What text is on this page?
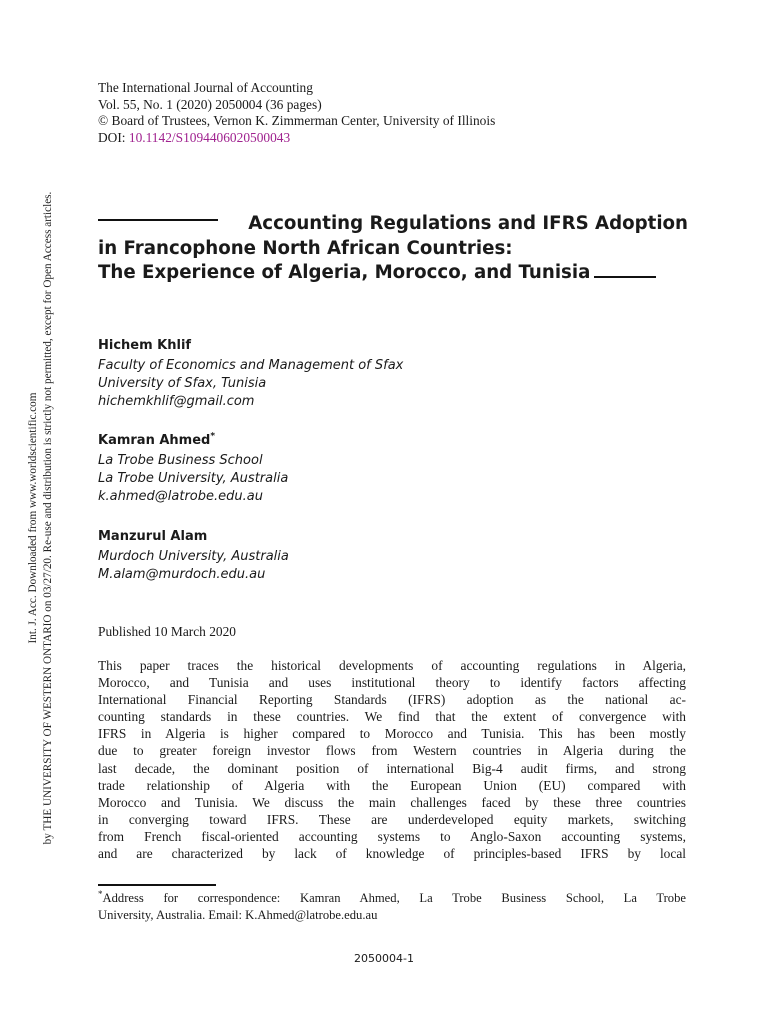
Int. J. Acc. Downloaded from www.worldscientific.com by THE UNIVERSITY OF WESTERN ONTARIO on 03/27/20. Re-use and distribution is strictly not permitted, except for Open Access articles.
The International Journal of Accounting
Vol. 55, No. 1 (2020) 2050004 (36 pages)
© Board of Trustees, Vernon K. Zimmerman Center, University of Illinois
DOI: 10.1142/S1094406020500043
Accounting Regulations and IFRS Adoption
in Francophone North African Countries:
The Experience of Algeria, Morocco, and Tunisia
Hichem Khlif
Faculty of Economics and Management of Sfax
University of Sfax, Tunisia
hichemkhlif@gmail.com
Kamran Ahmed*
La Trobe Business School
La Trobe University, Australia
k.ahmed@latrobe.edu.au
Manzurul Alam
Murdoch University, Australia
M.alam@murdoch.edu.au
Published 10 March 2020
This paper traces the historical developments of accounting regulations in Algeria,
Morocco, and Tunisia and uses institutional theory to identify factors affecting
International Financial Reporting Standards (IFRS) adoption as the national ac-
counting standards in these countries. We find that the extent of convergence with
IFRS in Algeria is higher compared to Morocco and Tunisia. This has been mostly
due to greater foreign investor flows from Western countries in Algeria during the
last decade, the dominant position of international Big-4 audit firms, and strong
trade relationship of Algeria with the European Union (EU) compared with
Morocco and Tunisia. We discuss the main challenges faced by these three countries
in converging toward IFRS. These are underdeveloped equity markets, switching
from French fiscal-oriented accounting systems to Anglo-Saxon accounting systems,
and are characterized by lack of knowledge of principles-based IFRS by local
*Address for correspondence: Kamran Ahmed, La Trobe Business School, La Trobe
University, Australia. Email: K.Ahmed@latrobe.edu.au
2050004-1
